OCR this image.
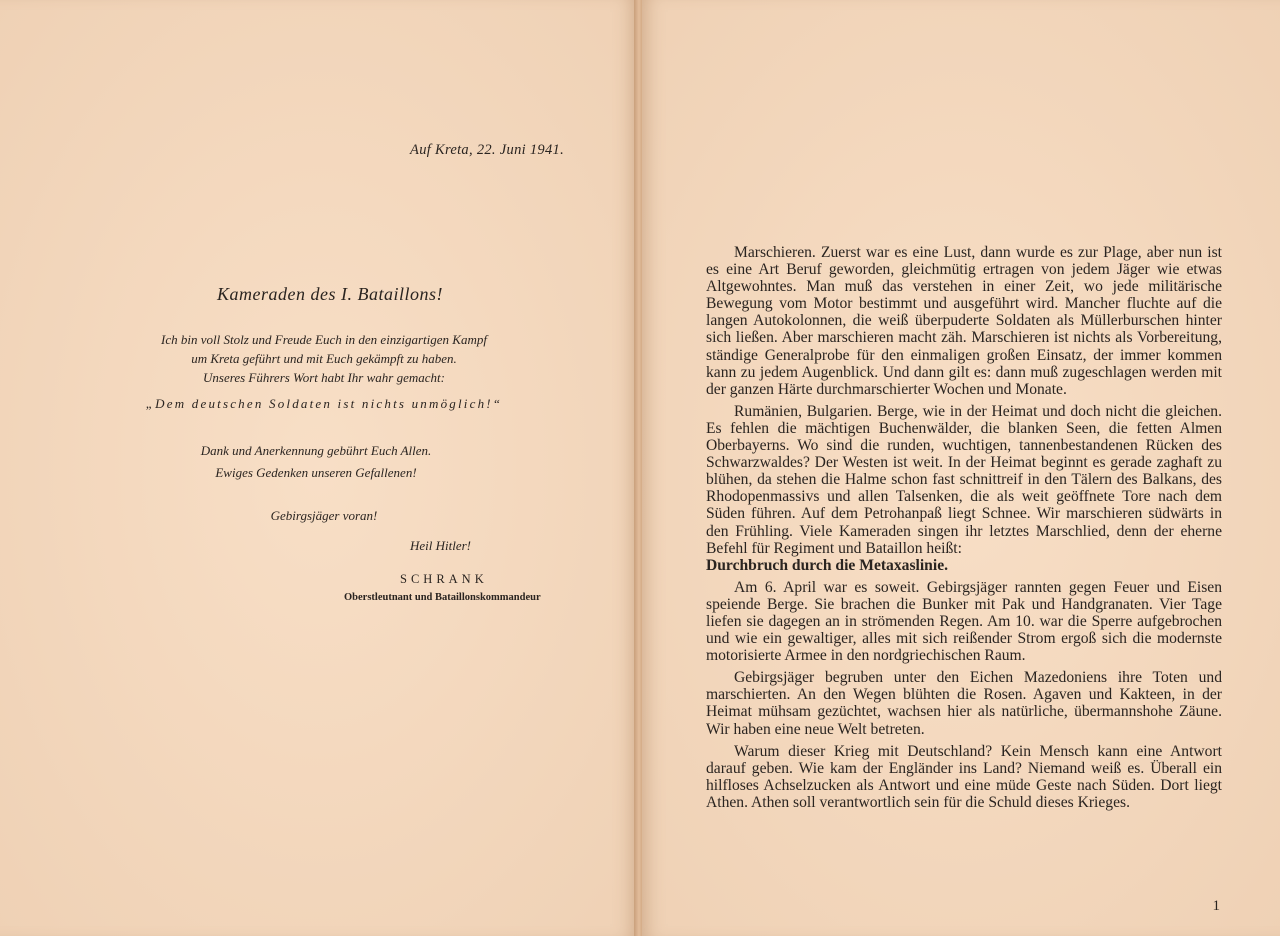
Auf Kreta, 22. Juni 1941.
Kameraden des I. Bataillons!
Ich bin voll Stolz und Freude Euch in den einzigartigen Kampf
um Kreta geführt und mit Euch gekämpft zu haben.
Unseres Führers Wort habt Ihr wahr gemacht:
„Dem deutschen Soldaten ist nichts unmöglich!“
Dank und Anerkennung gebührt Euch Allen.
Ewiges Gedenken unseren Gefallenen!
Gebirgsjäger voran!
Heil Hitler!
SCHRANK
Oberstleutnant und Bataillonskommandeur

Marschieren. Zuerst war es eine Lust, dann wurde es zur Plage, aber nun ist es eine Art Beruf geworden, gleichmütig ertragen von jedem Jäger wie etwas Altgewohntes. Man muß das verstehen in einer Zeit, wo jede militärische Bewegung vom Motor bestimmt und ausgeführt wird. Mancher fluchte auf die langen Autokolonnen, die weiß überpuderte Soldaten als Müllerburschen hinter sich ließen. Aber marschieren macht zäh. Marschieren ist nichts als Vorbereitung, ständige Generalprobe für den einmaligen großen Einsatz, der immer kommen kann zu jedem Augenblick. Und dann gilt es: dann muß zugeschlagen werden mit der ganzen Härte durchmarschierter Wochen und Monate.

Rumänien, Bulgarien. Berge, wie in der Heimat und doch nicht die gleichen. Es fehlen die mächtigen Buchenwälder, die blanken Seen, die fetten Almen Oberbayerns. Wo sind die runden, wuchtigen, tannenbestandenen Rücken des Schwarzwaldes? Der Westen ist weit. In der Heimat beginnt es gerade zaghaft zu blühen, da stehen die Halme schon fast schnittreif in den Tälern des Balkans, des Rhodopenmassivs und allen Talsenken, die als weit geöffnete Tore nach dem Süden führen. Auf dem Petrohanpaß liegt Schnee. Wir marschieren südwärts in den Frühling. Viele Kameraden singen ihr letztes Marschlied, denn der eherne Befehl für Regiment und Bataillon heißt:

Durchbruch durch die Metaxaslinie.

Am 6. April war es soweit. Gebirgsjäger rannten gegen Feuer und Eisen speiende Berge. Sie brachen die Bunker mit Pak und Handgranaten. Vier Tage liefen sie dagegen an in strömenden Regen. Am 10. war die Sperre aufgebrochen und wie ein gewaltiger, alles mit sich reißender Strom ergoß sich die modernste motorisierte Armee in den nordgriechischen Raum.

Gebirgsjäger begruben unter den Eichen Mazedoniens ihre Toten und marschierten. An den Wegen blühten die Rosen. Agaven und Kakteen, in der Heimat mühsam gezüchtet, wachsen hier als natürliche, übermannshohe Zäune. Wir haben eine neue Welt betreten.

Warum dieser Krieg mit Deutschland? Kein Mensch kann eine Antwort darauf geben. Wie kam der Engländer ins Land? Niemand weiß es. Überall ein hilfloses Achselzucken als Antwort und eine müde Geste nach Süden. Dort liegt Athen. Athen soll verantwortlich sein für die Schuld dieses Krieges.

1
